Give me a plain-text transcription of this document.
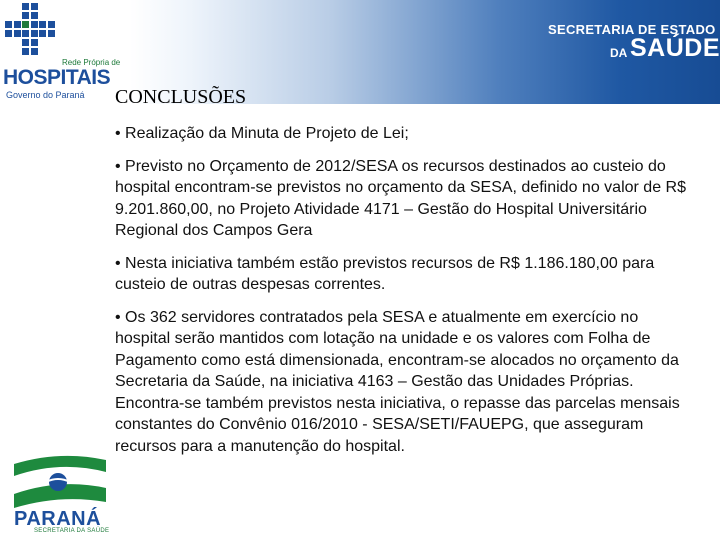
Rede Própria de
HOSPITAIS
Governo do Paraná
SECRETARIA DE ESTADO
DA SAÚDE
CONCLUSÕES

• Realização da Minuta de Projeto de Lei;

• Previsto no Orçamento de 2012/SESA os recursos destinados ao custeio do hospital encontram-se previstos no orçamento da SESA, definido no valor de R$ 9.201.860,00, no Projeto Atividade 4171 – Gestão do Hospital Universitário Regional dos Campos Gera

• Nesta iniciativa também estão previstos recursos de R$ 1.186.180,00 para custeio de outras despesas correntes.

• Os 362 servidores contratados pela SESA e atualmente em exercício no hospital serão mantidos com lotação na unidade e os valores com Folha de Pagamento como está dimensionada, encontram-se alocados no orçamento da Secretaria da Saúde, na iniciativa 4163 – Gestão das Unidades Próprias. Encontra-se também previstos nesta iniciativa, o repasse das parcelas mensais constantes do Convênio 016/2010 - SESA/SETI/FAUEPG, que asseguram recursos para a manutenção do hospital.

PARANÁ
SECRETARIA DA SAÚDE
